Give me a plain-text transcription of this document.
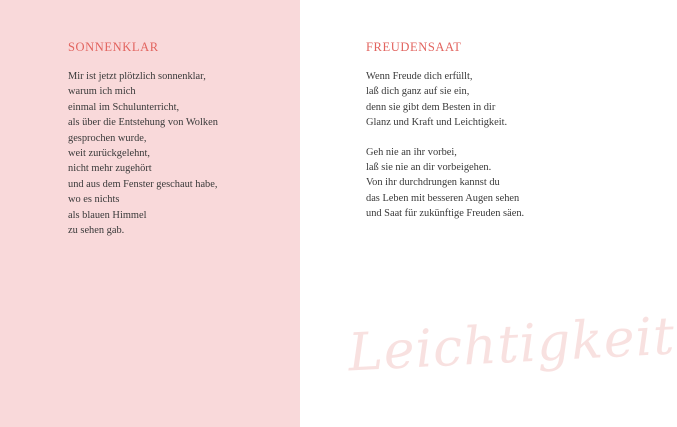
SONNENKLAR
Mir ist jetzt plötzlich sonnenklar,
warum ich mich
einmal im Schulunterricht,
als über die Entstehung von Wolken
gesprochen wurde,
weit zurückgelehnt,
nicht mehr zugehört
und aus dem Fenster geschaut habe,
wo es nichts
als blauen Himmel
zu sehen gab.
FREUDENSAAT
Wenn Freude dich erfüllt,
laß dich ganz auf sie ein,
denn sie gibt dem Besten in dir
Glanz und Kraft und Leichtigkeit.
Geh nie an ihr vorbei,
laß sie nie an dir vorbeigehen.
Von ihr durchdrungen kannst du
das Leben mit besseren Augen sehen
und Saat für zukünftige Freuden säen.
Leichtigkeit
